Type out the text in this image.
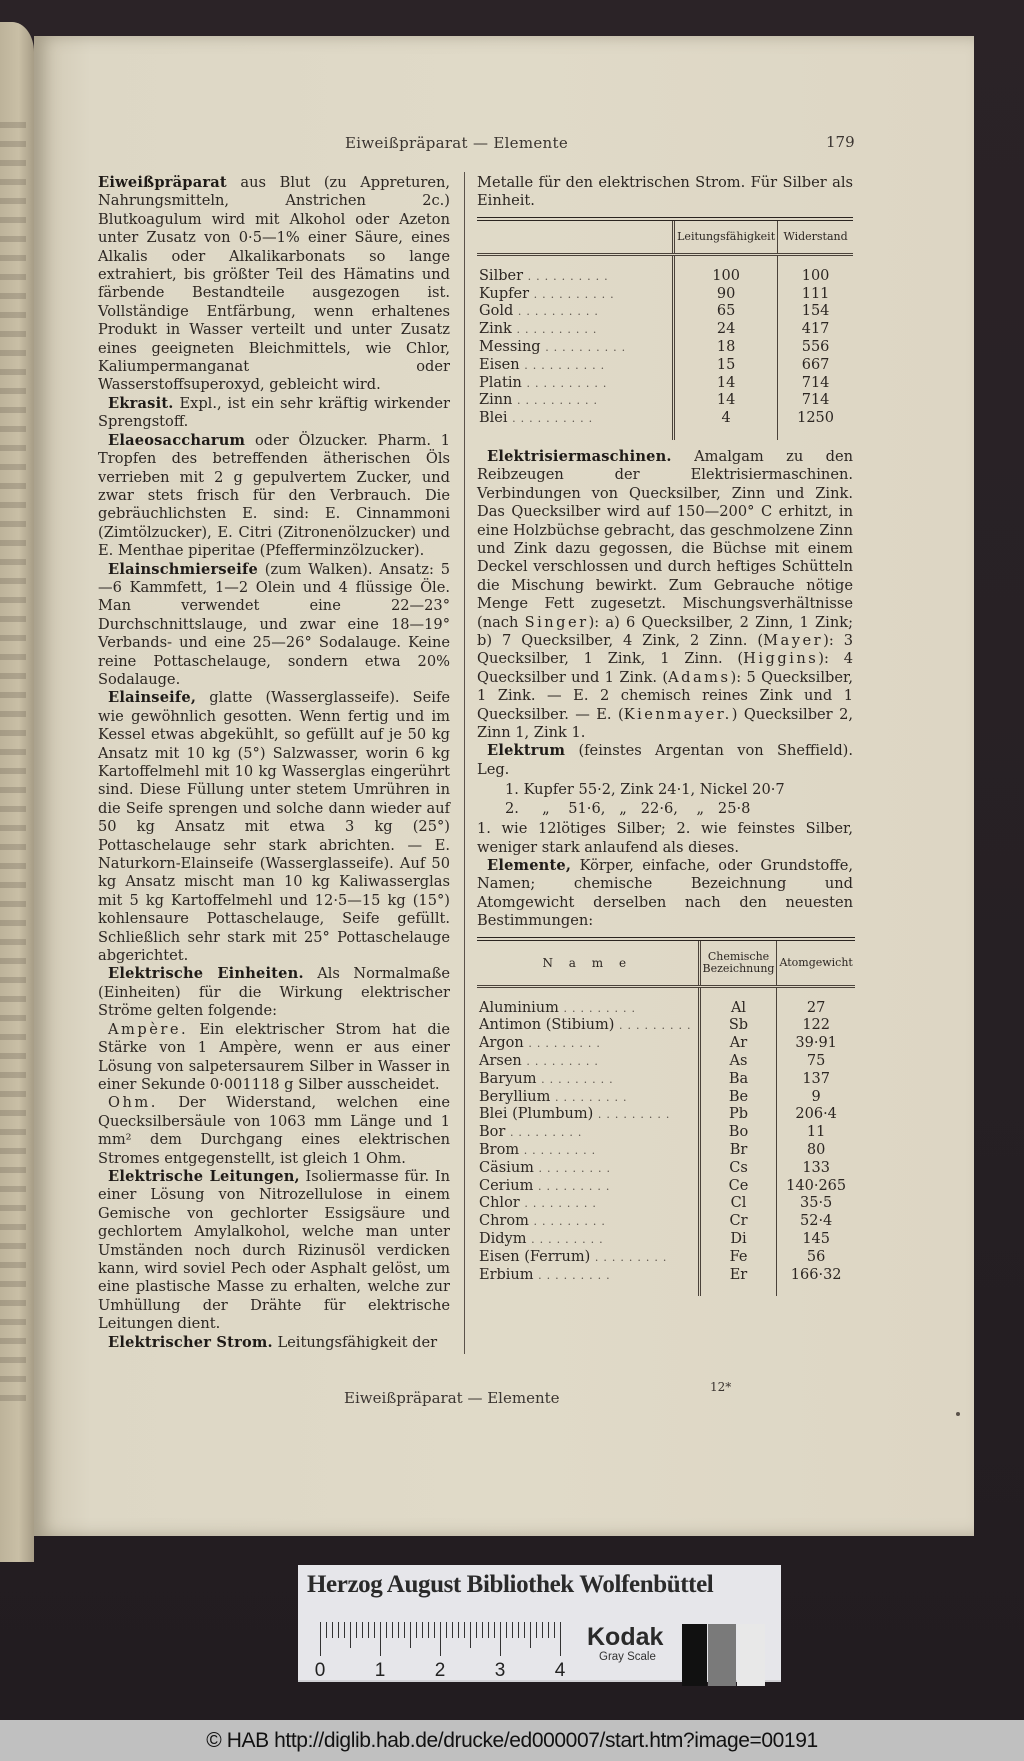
Eiweißpräparat — Elemente	179

Eiweißpräparat aus Blut (zu Appreturen, Nahrungsmitteln, Anstrichen 2c.) Blutkoagulum wird mit Alkohol oder Azeton unter Zusatz von 0·5—1% einer Säure, eines Alkalis oder Alkalikarbonats so lange extrahiert, bis größter Teil des Hämatins und färbende Bestandteile ausgezogen ist. Vollständige Entfärbung, wenn erhaltenes Produkt in Wasser verteilt und unter Zusatz eines geeigneten Bleichmittels, wie Chlor, Kaliumpermanganat oder Wasserstoffsuperoxyd, gebleicht wird.

Ekrasit. Expl., ist ein sehr kräftig wirkender Sprengstoff.

Elaeosaccharum oder Ölzucker. Pharm. 1 Tropfen des betreffenden ätherischen Öls verrieben mit 2 g gepulvertem Zucker, und zwar stets frisch für den Verbrauch. Die gebräuchlichsten E. sind: E. Cinnammoni (Zimtölzucker), E. Citri (Zitronenölzucker) und E. Menthae piperitae (Pfefferminzölzucker).

Elainschmierseife (zum Walken). Ansatz: 5—6 Kammfett, 1—2 Olein und 4 flüssige Öle. Man verwendet eine 22—23° Durchschnittslauge, und zwar eine 18—19° Verbands- und eine 25—26° Sodalauge. Keine reine Pottaschelauge, sondern etwa 20% Sodalauge.

Elainseife, glatte (Wasserglasseife). Seife wie gewöhnlich gesotten. Wenn fertig und im Kessel etwas abgekühlt, so gefüllt auf je 50 kg Ansatz mit 10 kg (5°) Salzwasser, worin 6 kg Kartoffelmehl mit 10 kg Wasserglas eingerührt sind. Diese Füllung unter stetem Umrühren in die Seife sprengen und solche dann wieder auf 50 kg Ansatz mit etwa 3 kg (25°) Pottaschelauge sehr stark abrichten. — E. Naturkorn-Elainseife (Wasserglasseife). Auf 50 kg Ansatz mischt man 10 kg Kaliwasserglas mit 5 kg Kartoffelmehl und 12·5—15 kg (15°) kohlensaure Pottaschelauge, Seife gefüllt. Schließlich sehr stark mit 25° Pottaschelauge abgerichtet.

Elektrische Einheiten. Als Normalmaße (Einheiten) für die Wirkung elektrischer Ströme gelten folgende:

Ampère. Ein elektrischer Strom hat die Stärke von 1 Ampère, wenn er aus einer Lösung von salpetersaurem Silber in Wasser in einer Sekunde 0·001118 g Silber ausscheidet.

Ohm. Der Widerstand, welchen eine Quecksilbersäule von 1063 mm Länge und 1 mm² dem Durchgang eines elektrischen Stromes entgegenstellt, ist gleich 1 Ohm.

Elektrische Leitungen, Isoliermasse für. In einer Lösung von Nitrozellulose in einem Gemische von gechlorter Essigsäure und gechlortem Amylalkohol, welche man unter Umständen noch durch Rizinusöl verdicken kann, wird soviel Pech oder Asphalt gelöst, um eine plastische Masse zu erhalten, welche zur Umhüllung der Drähte für elektrische Leitungen dient.

Elektrischer Strom. Leitungsfähigkeit der

Metalle für den elektrischen Strom. Für Silber als Einheit.

	Leitungsfähigkeit	Widerstand
Silber ..........	100	100
Kupfer ..........	90	111
Gold ..........	65	154
Zink ..........	24	417
Messing ..........	18	556
Eisen ..........	15	667
Platin ..........	14	714
Zinn ..........	14	714
Blei ..........	4	1250

Elektrisiermaschinen. Amalgam zu den Reibzeugen der Elektrisiermaschinen. Verbindungen von Quecksilber, Zinn und Zink. Das Quecksilber wird auf 150—200° C erhitzt, in eine Holzbüchse gebracht, das geschmolzene Zinn und Zink dazu gegossen, die Büchse mit einem Deckel verschlossen und durch heftiges Schütteln die Mischung bewirkt. Zum Gebrauche nötige Menge Fett zugesetzt. Mischungsverhältnisse (nach Singer): a) 6 Quecksilber, 2 Zinn, 1 Zink; b) 7 Quecksilber, 4 Zink, 2 Zinn. (Mayer): 3 Quecksilber, 1 Zink, 1 Zinn. (Higgins): 4 Quecksilber und 1 Zink. (Adams): 5 Quecksilber, 1 Zink. — E. 2 chemisch reines Zink und 1 Quecksilber. — E. (Kienmayer.) Quecksilber 2, Zinn 1, Zink 1.

Elektrum (feinstes Argentan von Sheffield). Leg.

1. Kupfer 55·2, Zink 24·1, Nickel 20·7
2.     „    51·6,   „   22·6,    „   25·8

1. wie 12lötiges Silber; 2. wie feinstes Silber, weniger stark anlaufend als dieses.

Elemente, Körper, einfache, oder Grundstoffe, Namen; chemische Bezeichnung und Atomgewicht derselben nach den neuesten Bestimmungen:

N a m e	Chemische Bezeichnung	Atomgewicht
Aluminium .........	Al	27
Antimon (Stibium) .........	Sb	122
Argon .........	Ar	39·91
Arsen .........	As	75
Baryum .........	Ba	137
Beryllium .........	Be	9
Blei (Plumbum) .........	Pb	206·4
Bor .........	Bo	11
Brom .........	Br	80
Cäsium .........	Cs	133
Cerium .........	Ce	140·265
Chlor .........	Cl	35·5
Chrom .........	Cr	52·4
Didym .........	Di	145
Eisen (Ferrum) .........	Fe	56
Erbium .........	Er	166·32
12*
Eiweißpräparat — Elemente
Herzog August Bibliothek Wolfenbüttel
0	1	2	3	4
Kodak
Gray Scale
© HAB http://diglib.hab.de/drucke/ed000007/start.htm?image=00191
